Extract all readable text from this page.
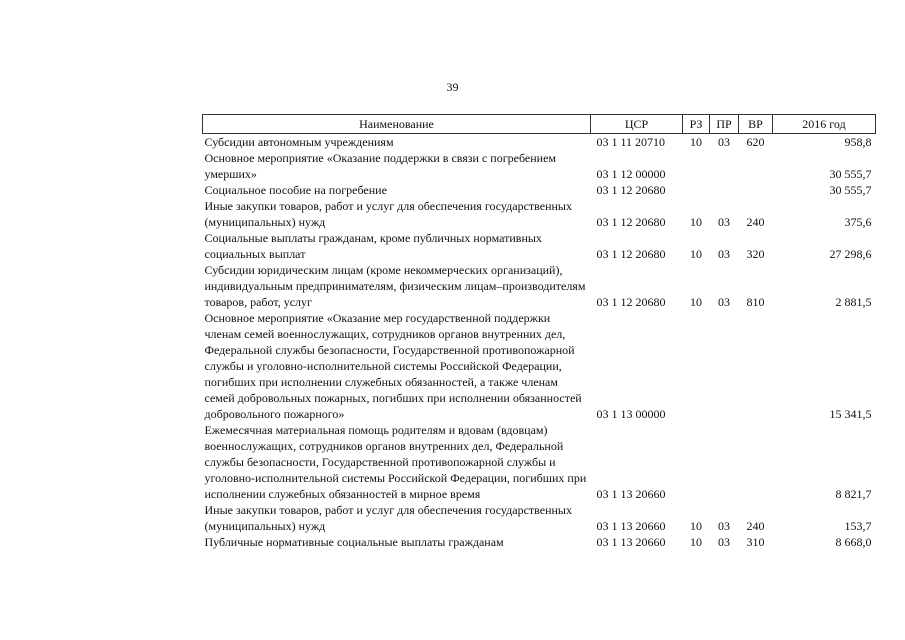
39
Наименование	ЦСР	РЗ	ПР	ВР	2016 год
Субсидии автономным учреждениям	03 1 11 20710	10	03	620	958,8
Основное мероприятие «Оказание поддержки в связи с погребением умерших»	03 1 12 00000				30 555,7
Социальное пособие на погребение	03 1 12 20680				30 555,7
Иные закупки товаров, работ и услуг для обеспечения государственных (муниципальных) нужд	03 1 12 20680	10	03	240	375,6
Социальные выплаты гражданам, кроме публичных нормативных социальных выплат	03 1 12 20680	10	03	320	27 298,6
Субсидии юридическим лицам (кроме некоммерческих организаций), индивидуальным предпринимателям, физическим лицам–производителям товаров, работ, услуг	03 1 12 20680	10	03	810	2 881,5
Основное мероприятие «Оказание мер государственной поддержки членам семей военнослужащих, сотрудников органов внутренних дел, Федеральной службы безопасности, Государственной противопожарной службы и уголовно-исполнительной системы Российской Федерации, погибших при исполнении служебных обязанностей, а также членам семей добровольных пожарных, погибших при исполнении обязанностей добровольного пожарного»	03 1 13 00000				15 341,5
Ежемесячная материальная помощь родителям и вдовам (вдовцам) военнослужащих, сотрудников органов внутренних дел, Федеральной службы безопасности, Государственной противопожарной службы и уголовно-исполнительной системы Российской Федерации, погибших при исполнении служебных обязанностей в мирное время	03 1 13 20660				8 821,7
Иные закупки товаров, работ и услуг для обеспечения государственных (муниципальных) нужд	03 1 13 20660	10	03	240	153,7
Публичные нормативные социальные выплаты гражданам	03 1 13 20660	10	03	310	8 668,0
